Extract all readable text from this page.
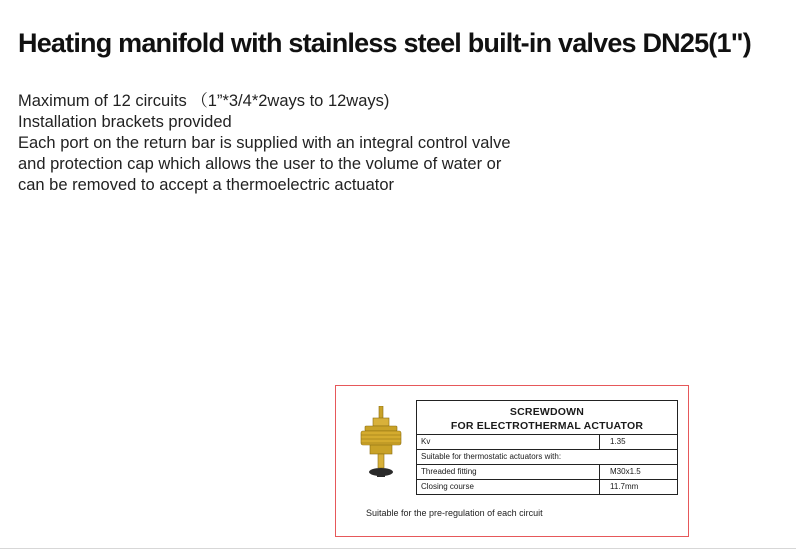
Heating manifold with stainless steel built-in valves DN25(1")
Maximum of 12 circuits （1”*3/4*2ways to 12ways)
Installation brackets provided
Each port on the return bar is supplied with an integral control valve
and protection cap which allows the user to the volume of water or
can be removed to accept a thermoelectric actuator
SCREWDOWN
FOR ELECTROTHERMAL ACTUATOR
Kv	1.35
Suitable for thermostatic actuators with:
Threaded fitting	M30x1.5
Closing course	11.7mm
Suitable for the pre-regulation of each circuit
